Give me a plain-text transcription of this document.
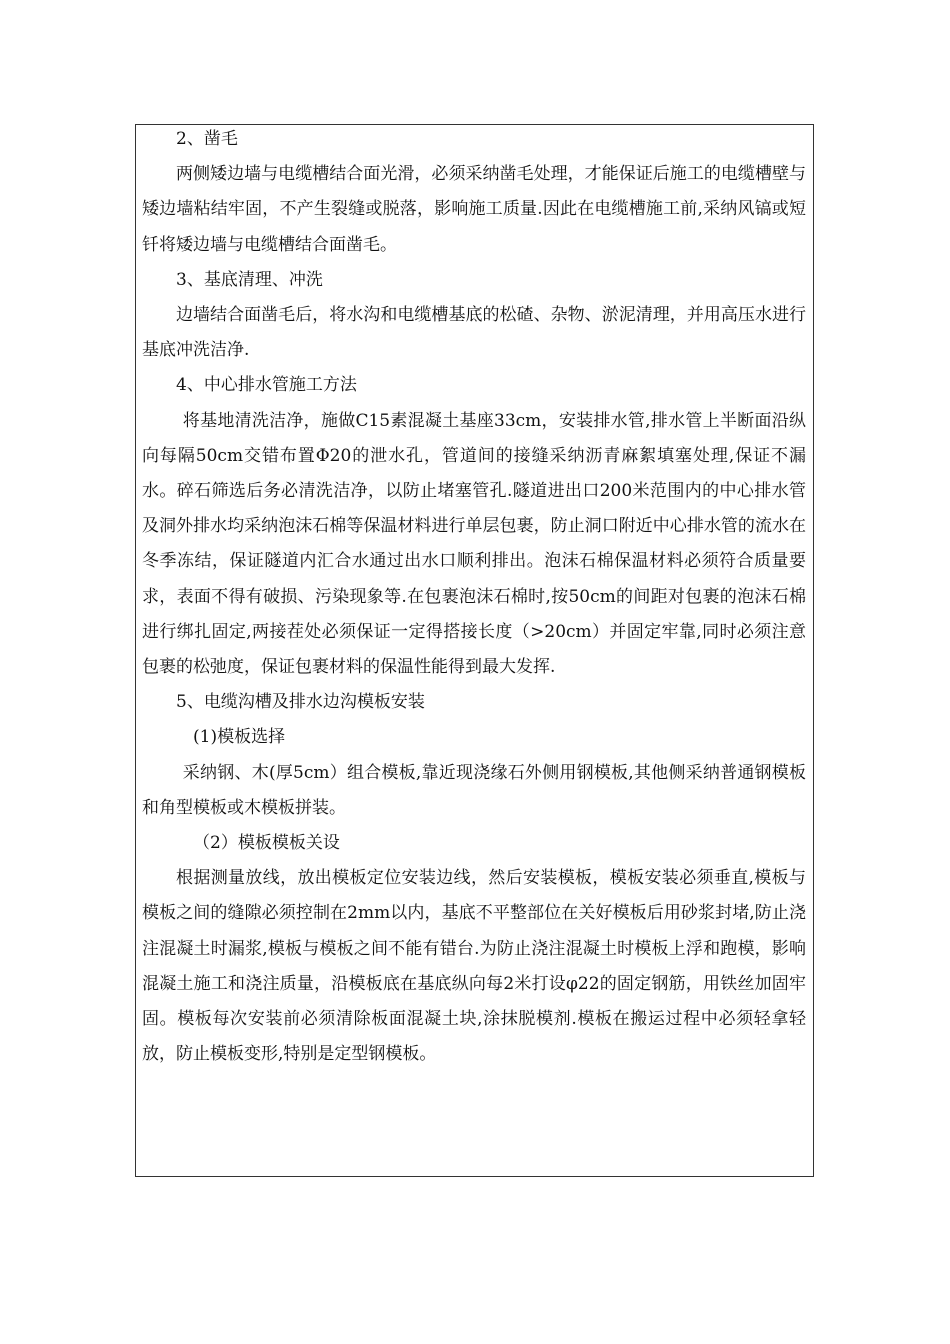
2、凿毛

两侧矮边墙与电缆槽结合面光滑，必须采纳凿毛处理，才能保证后施工的电缆槽壁与矮边墙粘结牢固，不产生裂缝或脱落，影响施工质量.因此在电缆槽施工前,采纳风镐或短钎将矮边墙与电缆槽结合面凿毛。

3、基底清理、冲洗

边墙结合面凿毛后，将水沟和电缆槽基底的松碴、杂物、淤泥清理，并用高压水进行基底冲洗洁净.

4、中心排水管施工方法

将基地清洗洁净，施做C15素混凝土基座33cm，安装排水管,排水管上半断面沿纵向每隔50cm交错布置Φ20的泄水孔，管道间的接缝采纳沥青麻絮填塞处理,保证不漏水。碎石筛选后务必清洗洁净，以防止堵塞管孔.隧道进出口200米范围内的中心排水管及洞外排水均采纳泡沫石棉等保温材料进行单层包裹，防止洞口附近中心排水管的流水在冬季冻结，保证隧道内汇合水通过出水口顺利排出。泡沫石棉保温材料必须符合质量要求，表面不得有破损、污染现象等.在包裹泡沫石棉时,按50cm的间距对包裹的泡沫石棉进行绑扎固定,两接茬处必须保证一定得搭接长度（>20cm）并固定牢靠,同时必须注意包裹的松弛度，保证包裹材料的保温性能得到最大发挥.

5、电缆沟槽及排水边沟模板安装

(1)模板选择

采纳钢、木(厚5cm）组合模板,靠近现浇缘石外侧用钢模板,其他侧采纳普通钢模板和角型模板或木模板拼装。

（2）模板模板关设

根据测量放线，放出模板定位安装边线，然后安装模板，模板安装必须垂直,模板与模板之间的缝隙必须控制在2mm以内，基底不平整部位在关好模板后用砂浆封堵,防止浇注混凝土时漏浆,模板与模板之间不能有错台.为防止浇注混凝土时模板上浮和跑模，影响混凝土施工和浇注质量，沿模板底在基底纵向每2米打设φ22的固定钢筋，用铁丝加固牢固。模板每次安装前必须清除板面混凝土块,涂抹脱模剂.模板在搬运过程中必须轻拿轻放，防止模板变形,特别是定型钢模板。
